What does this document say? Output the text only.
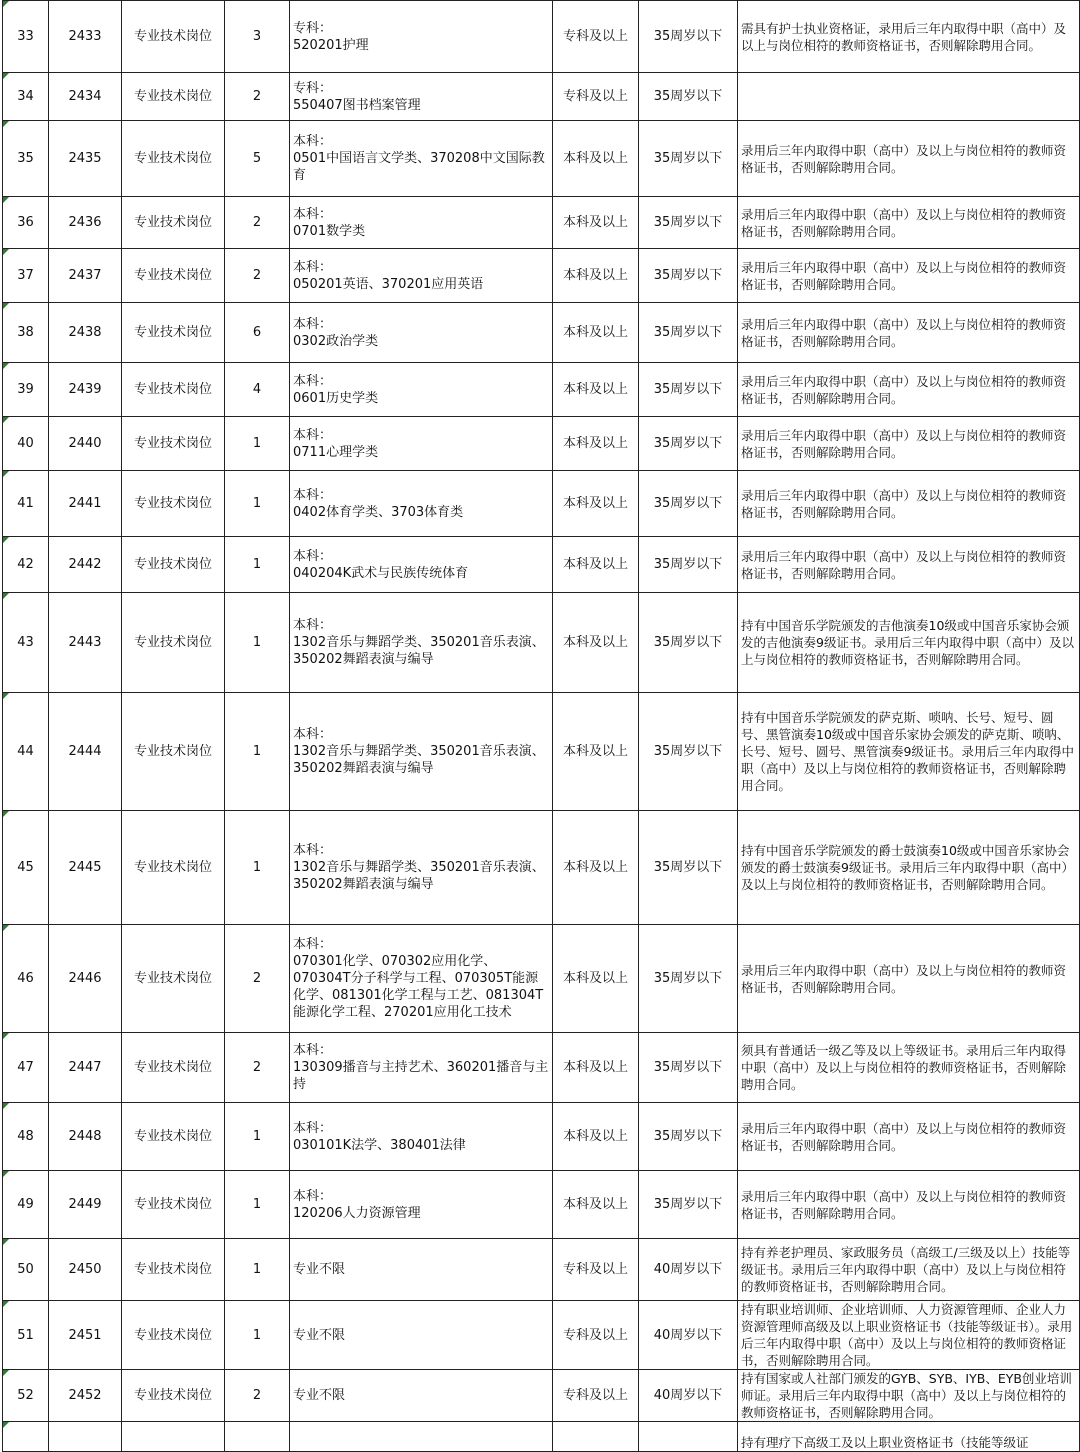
33	2433	专业技术岗位	3	专科：
520201护理	专科及以上	35周岁以下	需具有护士执业资格证，录用后三年内取得中职（高中）及以上与岗位相符的教师资格证书，否则解除聘用合同。

34	2434	专业技术岗位	2	专科：
550407图书档案管理	专科及以上	35周岁以下	

35	2435	专业技术岗位	5	本科：
0501中国语言文学类、370208中文国际教育	本科及以上	35周岁以下	录用后三年内取得中职（高中）及以上与岗位相符的教师资格证书，否则解除聘用合同。

36	2436	专业技术岗位	2	本科：
0701数学类	本科及以上	35周岁以下	录用后三年内取得中职（高中）及以上与岗位相符的教师资格证书，否则解除聘用合同。

37	2437	专业技术岗位	2	本科：
050201英语、370201应用英语	本科及以上	35周岁以下	录用后三年内取得中职（高中）及以上与岗位相符的教师资格证书，否则解除聘用合同。

38	2438	专业技术岗位	6	本科：
0302政治学类	本科及以上	35周岁以下	录用后三年内取得中职（高中）及以上与岗位相符的教师资格证书，否则解除聘用合同。

39	2439	专业技术岗位	4	本科：
0601历史学类	本科及以上	35周岁以下	录用后三年内取得中职（高中）及以上与岗位相符的教师资格证书，否则解除聘用合同。

40	2440	专业技术岗位	1	本科：
0711心理学类	本科及以上	35周岁以下	录用后三年内取得中职（高中）及以上与岗位相符的教师资格证书，否则解除聘用合同。

41	2441	专业技术岗位	1	本科：
0402体育学类、3703体育类	本科及以上	35周岁以下	录用后三年内取得中职（高中）及以上与岗位相符的教师资格证书，否则解除聘用合同。

42	2442	专业技术岗位	1	本科：
040204K武术与民族传统体育	本科及以上	35周岁以下	录用后三年内取得中职（高中）及以上与岗位相符的教师资格证书，否则解除聘用合同。

43	2443	专业技术岗位	1	本科：
1302音乐与舞蹈学类、350201音乐表演、350202舞蹈表演与编导	本科及以上	35周岁以下	持有中国音乐学院颁发的吉他演奏10级或中国音乐家协会颁发的吉他演奏9级证书。录用后三年内取得中职（高中）及以上与岗位相符的教师资格证书，否则解除聘用合同。

44	2444	专业技术岗位	1	本科：
1302音乐与舞蹈学类、350201音乐表演、350202舞蹈表演与编导	本科及以上	35周岁以下	持有中国音乐学院颁发的萨克斯、唢呐、长号、短号、圆号、黑管演奏10级或中国音乐家协会颁发的萨克斯、唢呐、长号、短号、圆号、黑管演奏9级证书。录用后三年内取得中职（高中）及以上与岗位相符的教师资格证书，否则解除聘用合同。

45	2445	专业技术岗位	1	本科：
1302音乐与舞蹈学类、350201音乐表演、350202舞蹈表演与编导	本科及以上	35周岁以下	持有中国音乐学院颁发的爵士鼓演奏10级或中国音乐家协会颁发的爵士鼓演奏9级证书。录用后三年内取得中职（高中）及以上与岗位相符的教师资格证书，否则解除聘用合同。

46	2446	专业技术岗位	2	本科：
070301化学、070302应用化学、070304T分子科学与工程、070305T能源化学、081301化学工程与工艺、081304T能源化学工程、270201应用化工技术	本科及以上	35周岁以下	录用后三年内取得中职（高中）及以上与岗位相符的教师资格证书，否则解除聘用合同。

47	2447	专业技术岗位	2	本科：
130309播音与主持艺术、360201播音与主持	本科及以上	35周岁以下	须具有普通话一级乙等及以上等级证书。录用后三年内取得中职（高中）及以上与岗位相符的教师资格证书，否则解除聘用合同。

48	2448	专业技术岗位	1	本科：
030101K法学、380401法律	本科及以上	35周岁以下	录用后三年内取得中职（高中）及以上与岗位相符的教师资格证书，否则解除聘用合同。

49	2449	专业技术岗位	1	本科：
120206人力资源管理	本科及以上	35周岁以下	录用后三年内取得中职（高中）及以上与岗位相符的教师资格证书，否则解除聘用合同。

50	2450	专业技术岗位	1	专业不限	专科及以上	40周岁以下	持有养老护理员、家政服务员（高级工/三级及以上）技能等级证书。录用后三年内取得中职（高中）及以上与岗位相符的教师资格证书，否则解除聘用合同。

51	2451	专业技术岗位	1	专业不限	专科及以上	40周岁以下	持有职业培训师、企业培训师、人力资源管理师、企业人力资源管理师高级及以上职业资格证书（技能等级证书）。录用后三年内取得中职（高中）及以上与岗位相符的教师资格证书，否则解除聘用合同。

52	2452	专业技术岗位	2	专业不限	专科及以上	40周岁以下	持有国家或人社部门颁发的GYB、SYB、IYB、EYB创业培训师证。录用后三年内取得中职（高中）及以上与岗位相符的教师资格证书，否则解除聘用合同。

			持有理疗下高级工及以上职业资格证书（技能等级证
